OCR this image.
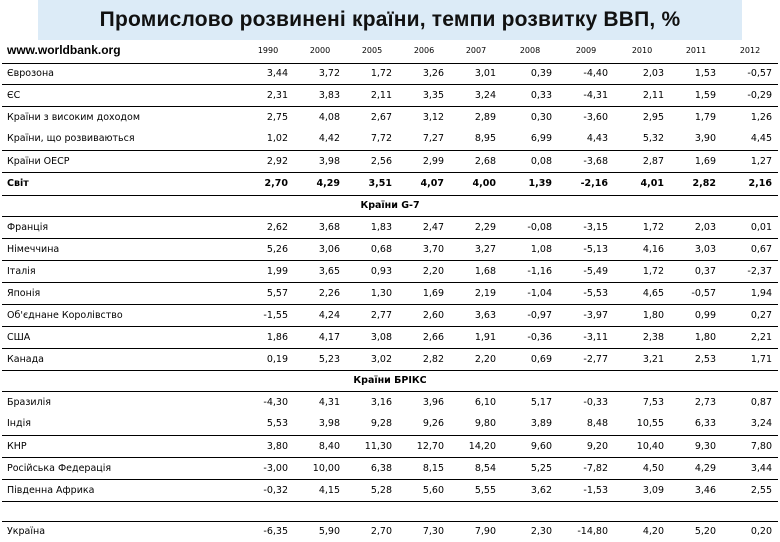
Промислово розвинені країни, темпи розвитку ВВП, %
www.worldbank.org	1990	2000	2005	2006	2007	2008	2009	2010	2011	2012
Єврозона	3,44	3,72	1,72	3,26	3,01	0,39	-4,40	2,03	1,53	-0,57
ЄС	2,31	3,83	2,11	3,35	3,24	0,33	-4,31	2,11	1,59	-0,29
Країни з високим доходом	2,75	4,08	2,67	3,12	2,89	0,30	-3,60	2,95	1,79	1,26
Країни, що розвиваються	1,02	4,42	7,72	7,27	8,95	6,99	4,43	5,32	3,90	4,45
Країни ОЕСР	2,92	3,98	2,56	2,99	2,68	0,08	-3,68	2,87	1,69	1,27
Світ	2,70	4,29	3,51	4,07	4,00	1,39	-2,16	4,01	2,82	2,16
Країни G-7										
Франція	2,62	3,68	1,83	2,47	2,29	-0,08	-3,15	1,72	2,03	0,01
Німеччина	5,26	3,06	0,68	3,70	3,27	1,08	-5,13	4,16	3,03	0,67
Італія	1,99	3,65	0,93	2,20	1,68	-1,16	-5,49	1,72	0,37	-2,37
Японія	5,57	2,26	1,30	1,69	2,19	-1,04	-5,53	4,65	-0,57	1,94
Об'єднане Королівство	-1,55	4,24	2,77	2,60	3,63	-0,97	-3,97	1,80	0,99	0,27
США	1,86	4,17	3,08	2,66	1,91	-0,36	-3,11	2,38	1,80	2,21
Канада	0,19	5,23	3,02	2,82	2,20	0,69	-2,77	3,21	2,53	1,71
Країни БРІКС										
Бразилія	-4,30	4,31	3,16	3,96	6,10	5,17	-0,33	7,53	2,73	0,87
Індія	5,53	3,98	9,28	9,26	9,80	3,89	8,48	10,55	6,33	3,24
КНР	3,80	8,40	11,30	12,70	14,20	9,60	9,20	10,40	9,30	7,80
Російська Федерація	-3,00	10,00	6,38	8,15	8,54	5,25	-7,82	4,50	4,29	3,44
Південна Африка	-0,32	4,15	5,28	5,60	5,55	3,62	-1,53	3,09	3,46	2,55

Україна	-6,35	5,90	2,70	7,30	7,90	2,30	-14,80	4,20	5,20	0,20
